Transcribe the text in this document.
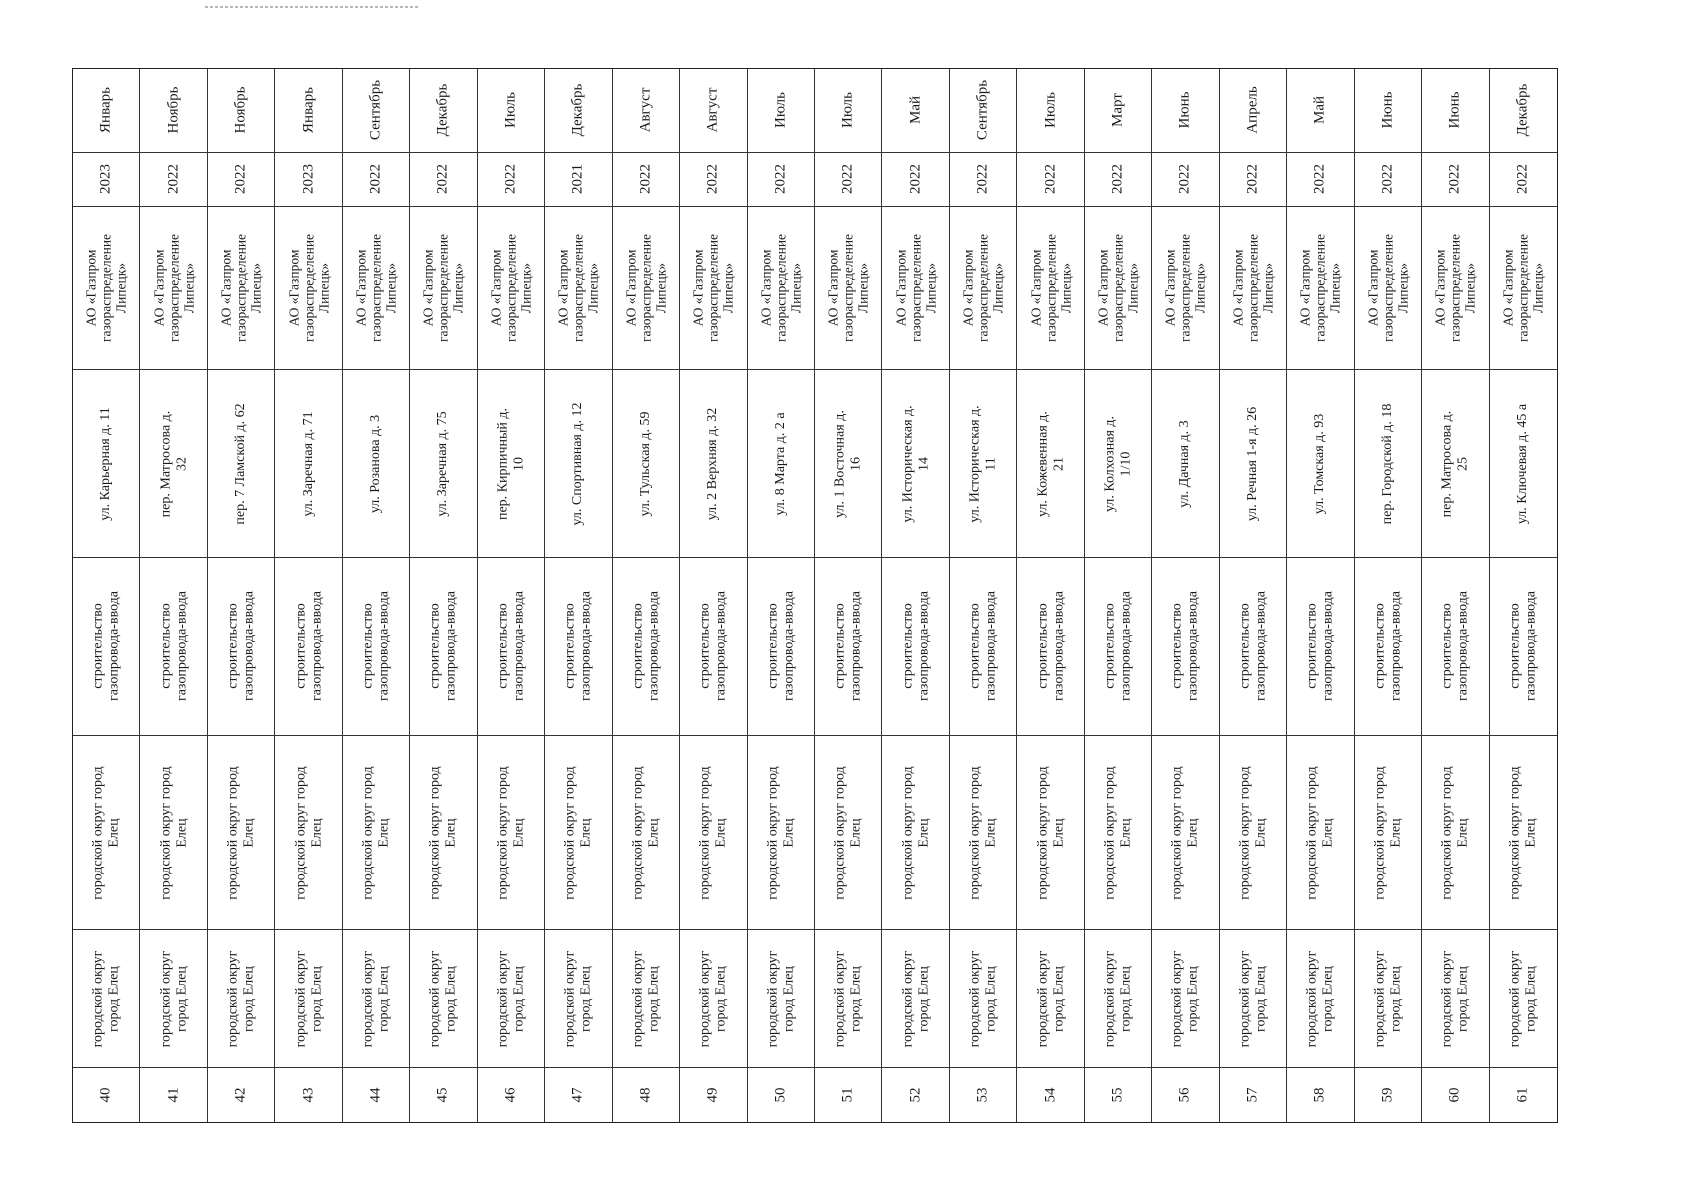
Январь
2023
АО «Газпром
газораспределение
Липецк»
ул. Карьерная д. 11
строительство
газопровода-ввода
городской округ город
Елец
городской округ
город Елец
40
Ноябрь
2022
АО «Газпром
газораспределение
Липецк»
пер. Матросова д.
32
строительство
газопровода-ввода
городской округ город
Елец
городской округ
город Елец
41
Ноябрь
2022
АО «Газпром
газораспределение
Липецк»
пер. 7 Ламской д. 62
строительство
газопровода-ввода
городской округ город
Елец
городской округ
город Елец
42
Январь
2023
АО «Газпром
газораспределение
Липецк»
ул. Заречная д. 71
строительство
газопровода-ввода
городской округ город
Елец
городской округ
город Елец
43
Сентябрь
2022
АО «Газпром
газораспределение
Липецк»
ул. Розанова д. 3
строительство
газопровода-ввода
городской округ город
Елец
городской округ
город Елец
44
Декабрь
2022
АО «Газпром
газораспределение
Липецк»
ул. Заречная д. 75
строительство
газопровода-ввода
городской округ город
Елец
городской округ
город Елец
45
Июль
2022
АО «Газпром
газораспределение
Липецк»
пер. Кирпичный д.
10
строительство
газопровода-ввода
городской округ город
Елец
городской округ
город Елец
46
Декабрь
2021
АО «Газпром
газораспределение
Липецк»
ул. Спортивная д. 12
строительство
газопровода-ввода
городской округ город
Елец
городской округ
город Елец
47
Август
2022
АО «Газпром
газораспределение
Липецк»
ул. Тульская д. 59
строительство
газопровода-ввода
городской округ город
Елец
городской округ
город Елец
48
Август
2022
АО «Газпром
газораспределение
Липецк»
ул. 2 Верхняя д. 32
строительство
газопровода-ввода
городской округ город
Елец
городской округ
город Елец
49
Июль
2022
АО «Газпром
газораспределение
Липецк»
ул. 8 Марта д. 2 а
строительство
газопровода-ввода
городской округ город
Елец
городской округ
город Елец
50
Июль
2022
АО «Газпром
газораспределение
Липецк»
ул. 1 Восточная д.
16
строительство
газопровода-ввода
городской округ город
Елец
городской округ
город Елец
51
Май
2022
АО «Газпром
газораспределение
Липецк»
ул. Историческая д.
14
строительство
газопровода-ввода
городской округ город
Елец
городской округ
город Елец
52
Сентябрь
2022
АО «Газпром
газораспределение
Липецк»
ул. Историческая д.
11
строительство
газопровода-ввода
городской округ город
Елец
городской округ
город Елец
53
Июль
2022
АО «Газпром
газораспределение
Липецк»
ул. Кожевенная д.
21
строительство
газопровода-ввода
городской округ город
Елец
городской округ
город Елец
54
Март
2022
АО «Газпром
газораспределение
Липецк»
ул. Колхозная д.
1/10
строительство
газопровода-ввода
городской округ город
Елец
городской округ
город Елец
55
Июнь
2022
АО «Газпром
газораспределение
Липецк»
ул. Дачная д. 3
строительство
газопровода-ввода
городской округ город
Елец
городской округ
город Елец
56
Апрель
2022
АО «Газпром
газораспределение
Липецк»
ул. Речная 1-я д. 26
строительство
газопровода-ввода
городской округ город
Елец
городской округ
город Елец
57
Май
2022
АО «Газпром
газораспределение
Липецк»
ул. Томская д. 93
строительство
газопровода-ввода
городской округ город
Елец
городской округ
город Елец
58
Июнь
2022
АО «Газпром
газораспределение
Липецк»
пер. Городской д. 18
строительство
газопровода-ввода
городской округ город
Елец
городской округ
город Елец
59
Июнь
2022
АО «Газпром
газораспределение
Липецк»
пер. Матросова д.
25
строительство
газопровода-ввода
городской округ город
Елец
городской округ
город Елец
60
Декабрь
2022
АО «Газпром
газораспределение
Липецк»
ул. Ключевая д. 45 а
строительство
газопровода-ввода
городской округ город
Елец
городской округ
город Елец
61
